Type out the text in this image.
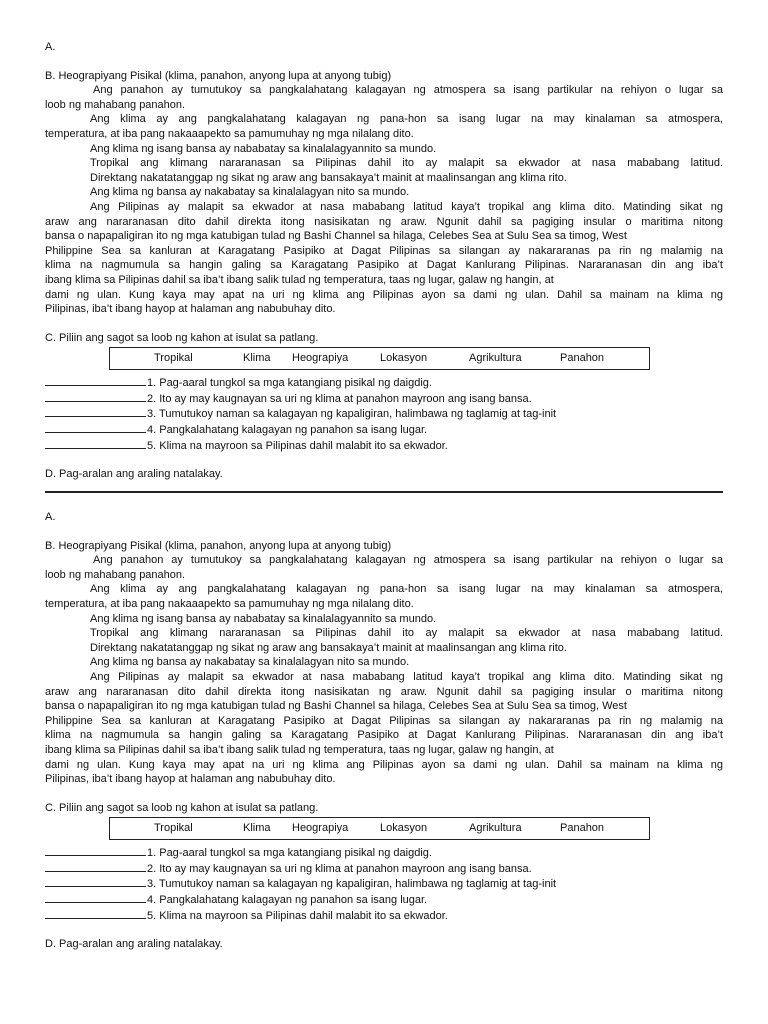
A.

B. Heograpiyang Pisikal (klima, panahon, anyong lupa at anyong tubig)

Ang panahon ay tumutukoy sa pangkalahatang kalagayan ng atmospera sa isang partikular na rehiyon o lugar sa

loob ng mahabang panahon.

Ang klima ay ang pangkalahatang kalagayan ng pana-hon sa isang lugar na may kinalaman sa atmospera,

temperatura, at iba pang nakaaapekto sa pamumuhay ng mga nilalang dito.

Ang klima ng isang bansa ay nababatay sa kinalalagyannito sa mundo.

Tropikal ang klimang nararanasan sa Pilipinas dahil ito ay malapit sa ekwador at nasa mababang latitud.

Direktang nakatatanggap ng sikat ng araw ang bansakaya’t mainit at maalinsangan ang klima rito.

Ang klima ng bansa ay nakabatay sa kinalalagyan nito sa mundo.

Ang Pilipinas ay malapit sa ekwador at nasa mababang latitud kaya’t tropikal ang klima dito. Matinding sikat ng

araw ang nararanasan dito dahil direkta itong nasisikatan ng araw. Ngunit dahil sa pagiging insular o maritima nitong

bansa o napapaligiran ito ng mga katubigan tulad ng Bashi Channel sa hilaga, Celebes Sea at Sulu Sea sa timog, West

Philippine Sea sa kanluran at Karagatang Pasipiko at Dagat Pilipinas sa silangan ay nakararanas pa rin ng malamig na

klima na nagmumula sa hangin galing sa Karagatang Pasipiko at Dagat Kanlurang Pilipinas. Nararanasan din ang iba’t

ibang klima sa Pilipinas dahil sa iba’t ibang salik tulad ng temperatura, taas ng lugar, galaw ng hangin, at

dami ng ulan. Kung kaya may apat na uri ng klima ang Pilipinas ayon sa dami ng ulan. Dahil sa mainam na klima ng

Pilipinas, iba’t ibang hayop at halaman ang nabubuhay dito.

C. Piliin ang sagot sa loob ng kahon at isulat sa patlang.

Tropikal	Klima Heograpiya	Lokasyon	Agrikultura	Panahon

1. Pag-aaral tungkol sa mga katangiang pisikal ng daigdig.

2. Ito ay may kaugnayan sa uri ng klima at panahon mayroon ang isang bansa.

3. Tumutukoy naman sa kalagayan ng kapaligiran, halimbawa ng taglamig at tag-init

4. Pangkalahatang kalagayan ng panahon sa isang lugar.

5. Klima na mayroon sa Pilipinas dahil malabit ito sa ekwador.

D. Pag-aralan ang araling natalakay.

A.

B. Heograpiyang Pisikal (klima, panahon, anyong lupa at anyong tubig)

Ang panahon ay tumutukoy sa pangkalahatang kalagayan ng atmospera sa isang partikular na rehiyon o lugar sa

loob ng mahabang panahon.

Ang klima ay ang pangkalahatang kalagayan ng pana-hon sa isang lugar na may kinalaman sa atmospera,

temperatura, at iba pang nakaaapekto sa pamumuhay ng mga nilalang dito.

Ang klima ng isang bansa ay nababatay sa kinalalagyannito sa mundo.

Tropikal ang klimang nararanasan sa Pilipinas dahil ito ay malapit sa ekwador at nasa mababang latitud.

Direktang nakatatanggap ng sikat ng araw ang bansakaya’t mainit at maalinsangan ang klima rito.

Ang klima ng bansa ay nakabatay sa kinalalagyan nito sa mundo.

Ang Pilipinas ay malapit sa ekwador at nasa mababang latitud kaya’t tropikal ang klima dito. Matinding sikat ng

araw ang nararanasan dito dahil direkta itong nasisikatan ng araw. Ngunit dahil sa pagiging insular o maritima nitong

bansa o napapaligiran ito ng mga katubigan tulad ng Bashi Channel sa hilaga, Celebes Sea at Sulu Sea sa timog, West

Philippine Sea sa kanluran at Karagatang Pasipiko at Dagat Pilipinas sa silangan ay nakararanas pa rin ng malamig na

klima na nagmumula sa hangin galing sa Karagatang Pasipiko at Dagat Kanlurang Pilipinas. Nararanasan din ang iba’t

ibang klima sa Pilipinas dahil sa iba’t ibang salik tulad ng temperatura, taas ng lugar, galaw ng hangin, at

dami ng ulan. Kung kaya may apat na uri ng klima ang Pilipinas ayon sa dami ng ulan. Dahil sa mainam na klima ng

Pilipinas, iba’t ibang hayop at halaman ang nabubuhay dito.

C. Piliin ang sagot sa loob ng kahon at isulat sa patlang.

Tropikal	Klima Heograpiya	Lokasyon	Agrikultura	Panahon

1. Pag-aaral tungkol sa mga katangiang pisikal ng daigdig.

2. Ito ay may kaugnayan sa uri ng klima at panahon mayroon ang isang bansa.

3. Tumutukoy naman sa kalagayan ng kapaligiran, halimbawa ng taglamig at tag-init

4. Pangkalahatang kalagayan ng panahon sa isang lugar.

5. Klima na mayroon sa Pilipinas dahil malabit ito sa ekwador.

D. Pag-aralan ang araling natalakay.
